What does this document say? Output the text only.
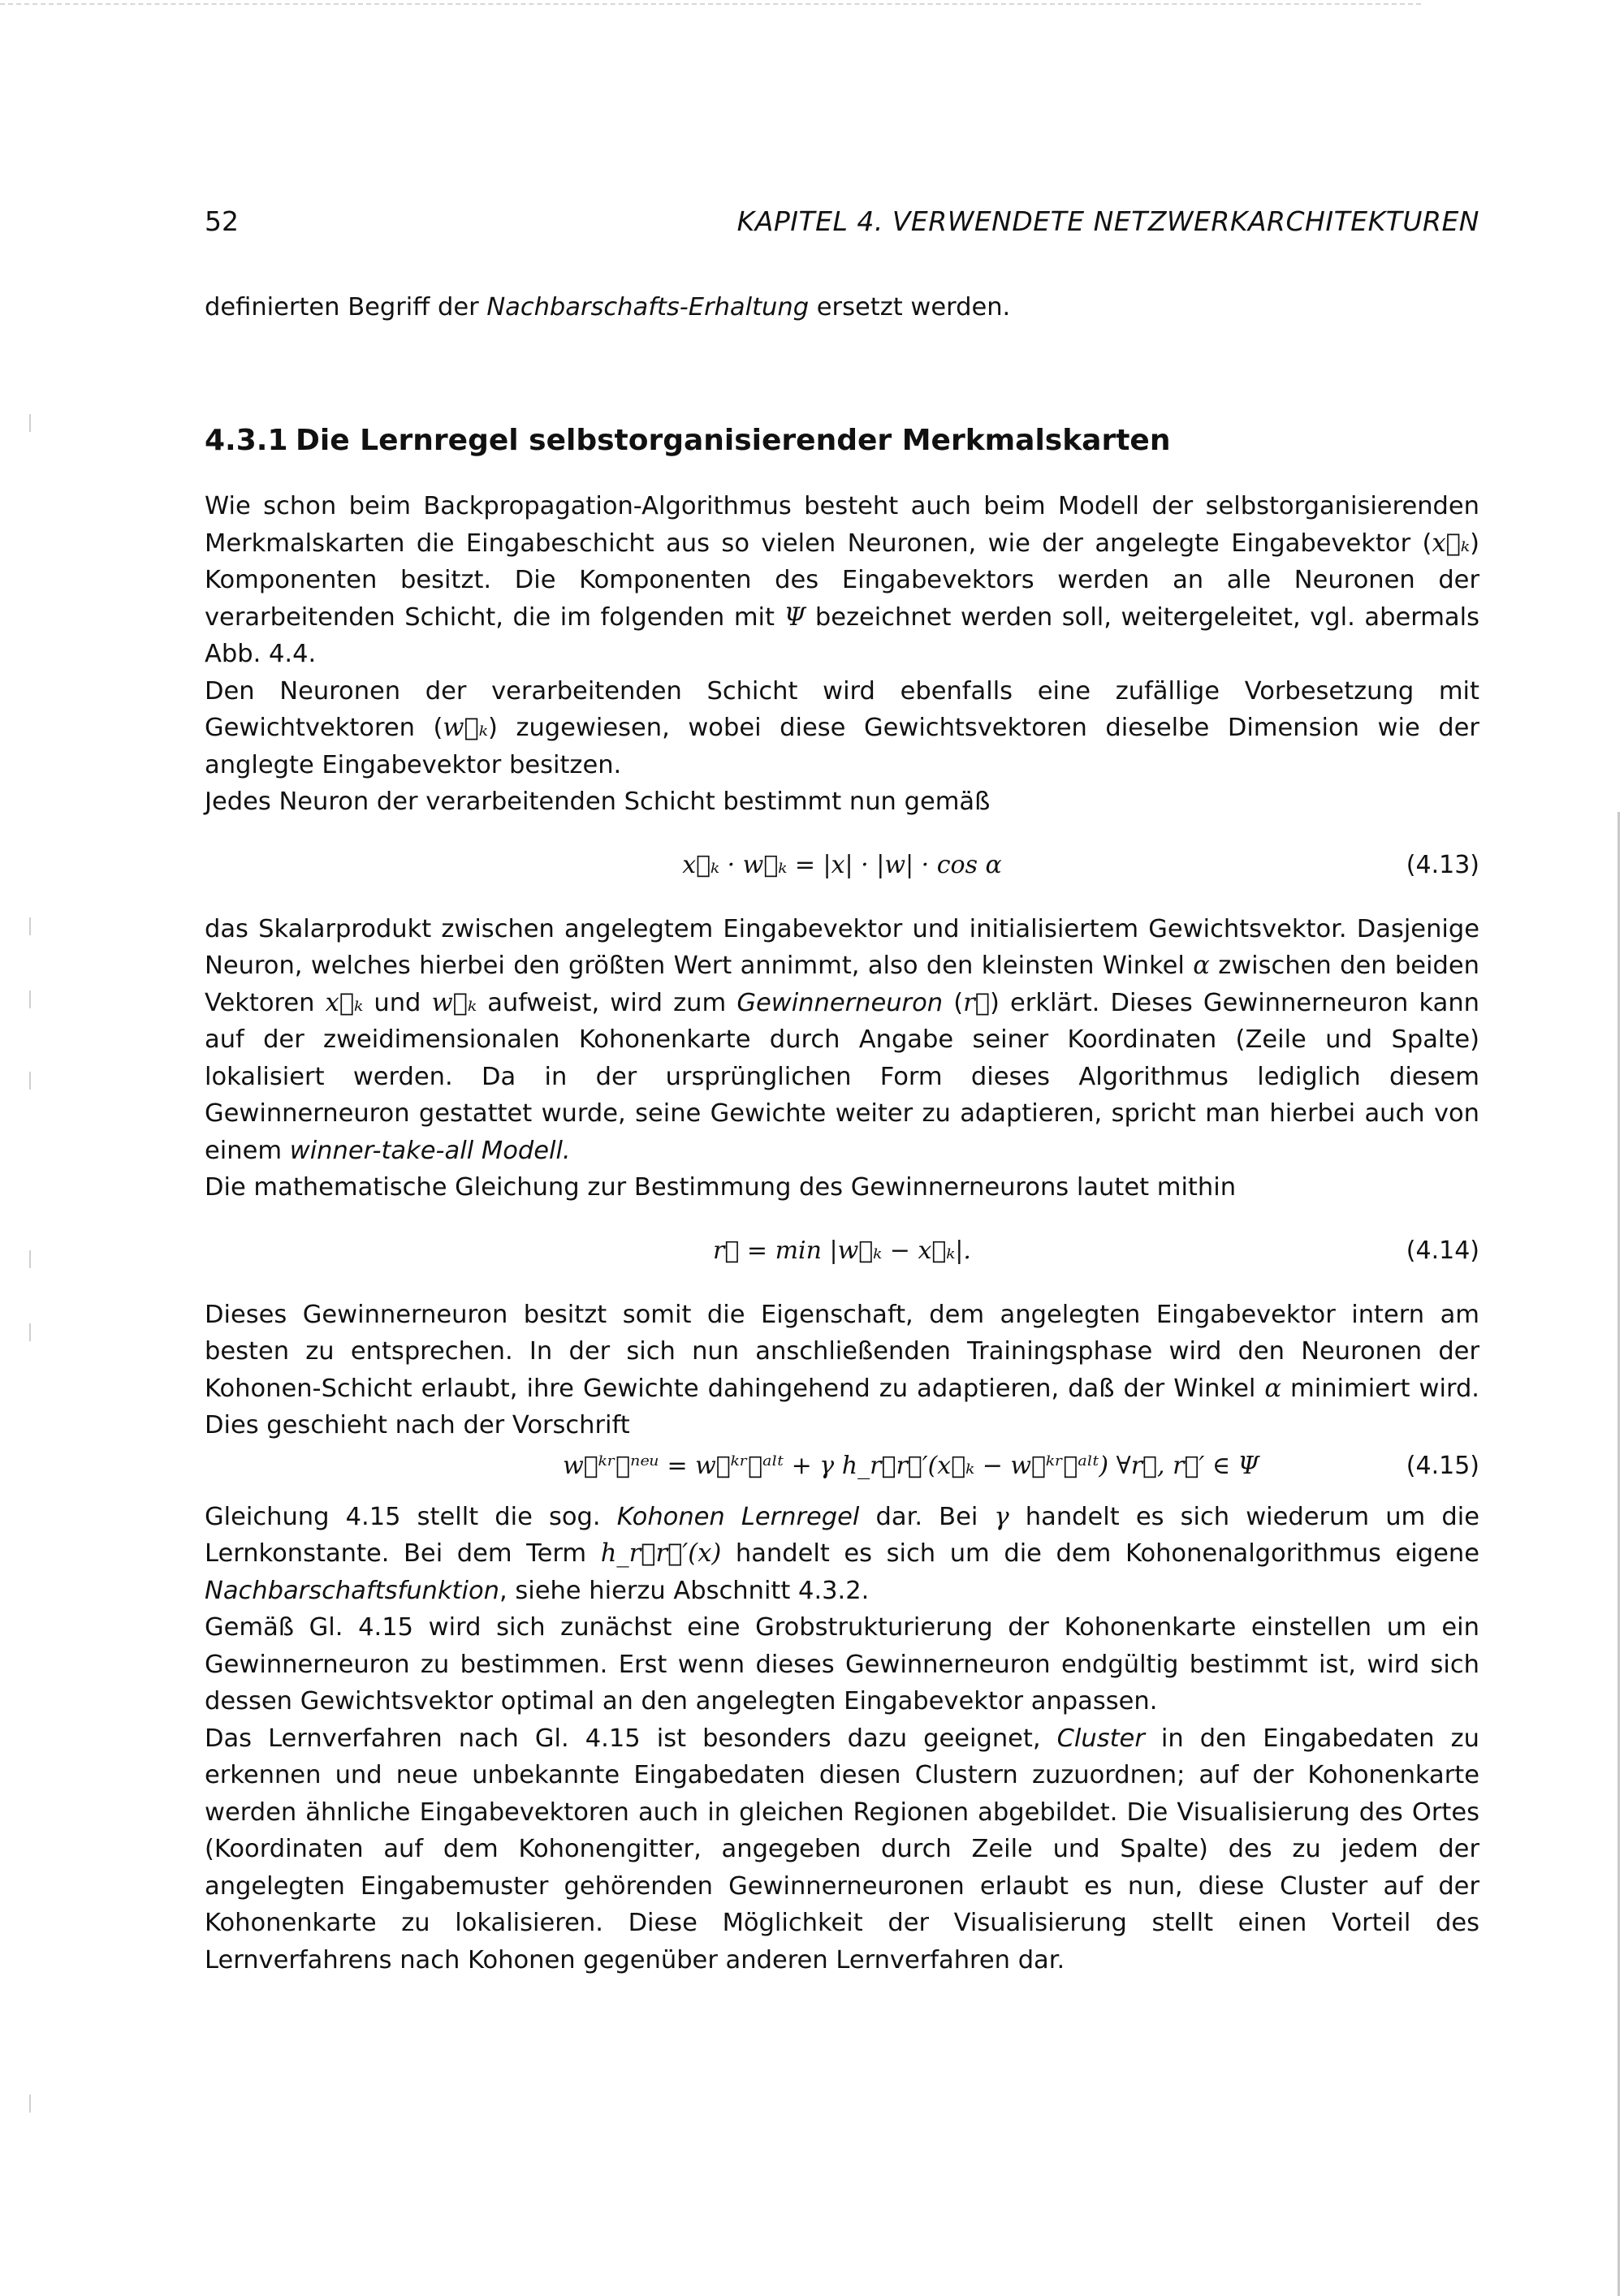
52	KAPITEL 4. VERWENDETE NETZWERKARCHITEKTUREN

definierten Begriff der Nachbarschafts-Erhaltung ersetzt werden.

4.3.1 Die Lernregel selbstorganisierender Merkmalskarten

Wie schon beim Backpropagation-Algorithmus besteht auch beim Modell der selbstorganisierenden Merkmalskarten die Eingabeschicht aus so vielen Neuronen, wie der angelegte Eingabevektor (x⃗ₖ) Komponenten besitzt. Die Komponenten des Eingabevektors werden an alle Neuronen der verarbeitenden Schicht, die im folgenden mit Ψ bezeichnet werden soll, weitergeleitet, vgl. abermals Abb. 4.4.

Den Neuronen der verarbeitenden Schicht wird ebenfalls eine zufällige Vorbesetzung mit Gewichtvektoren (w⃗ₖ) zugewiesen, wobei diese Gewichtsvektoren dieselbe Dimension wie der anglegte Eingabevektor besitzen.

Jedes Neuron der verarbeitenden Schicht bestimmt nun gemäß

x⃗ₖ · w⃗ₖ = |x| · |w| · cos α	(4.13)

das Skalarprodukt zwischen angelegtem Eingabevektor und initialisiertem Gewichtsvektor. Dasjenige Neuron, welches hierbei den größten Wert annimmt, also den kleinsten Winkel α zwischen den beiden Vektoren x⃗ₖ und w⃗ₖ aufweist, wird zum Gewinnerneuron (r⃗) erklärt. Dieses Gewinnerneuron kann auf der zweidimensionalen Kohonenkarte durch Angabe seiner Koordinaten (Zeile und Spalte) lokalisiert werden. Da in der ursprünglichen Form dieses Algorithmus lediglich diesem Gewinnerneuron gestattet wurde, seine Gewichte weiter zu adaptieren, spricht man hierbei auch von einem winner-take-all Modell.

Die mathematische Gleichung zur Bestimmung des Gewinnerneurons lautet mithin

r⃗ = min |w⃗ₖ − x⃗ₖ|.	(4.14)

Dieses Gewinnerneuron besitzt somit die Eigenschaft, dem angelegten Eingabevektor intern am besten zu entsprechen. In der sich nun anschließenden Trainingsphase wird den Neuronen der Kohonen-Schicht erlaubt, ihre Gewichte dahingehend zu adaptieren, daß der Winkel α minimiert wird. Dies geschieht nach der Vorschrift

w⃗ᵏʳ⃗ⁿᵉᵘ = w⃗ᵏʳ⃗ᵃˡᵗ + γ h_r⃗r⃗′(x⃗ₖ − w⃗ᵏʳ⃗ᵃˡᵗ) ∀r⃗, r⃗′ ∈ Ψ	(4.15)

Gleichung 4.15 stellt die sog. Kohonen Lernregel dar. Bei γ handelt es sich wiederum um die Lernkonstante. Bei dem Term h_r⃗r⃗′(x) handelt es sich um die dem Kohonenalgorithmus eigene Nachbarschaftsfunktion, siehe hierzu Abschnitt 4.3.2.

Gemäß Gl. 4.15 wird sich zunächst eine Grobstrukturierung der Kohonenkarte einstellen um ein Gewinnerneuron zu bestimmen. Erst wenn dieses Gewinnerneuron endgültig bestimmt ist, wird sich dessen Gewichtsvektor optimal an den angelegten Eingabevektor anpassen.

Das Lernverfahren nach Gl. 4.15 ist besonders dazu geeignet, Cluster in den Eingabedaten zu erkennen und neue unbekannte Eingabedaten diesen Clustern zuzuordnen; auf der Kohonenkarte werden ähnliche Eingabevektoren auch in gleichen Regionen abgebildet. Die Visualisierung des Ortes (Koordinaten auf dem Kohonengitter, angegeben durch Zeile und Spalte) des zu jedem der angelegten Eingabemuster gehörenden Gewinnerneuronen erlaubt es nun, diese Cluster auf der Kohonenkarte zu lokalisieren. Diese Möglichkeit der Visualisierung stellt einen Vorteil des Lernverfahrens nach Kohonen gegenüber anderen Lernverfahren dar.
